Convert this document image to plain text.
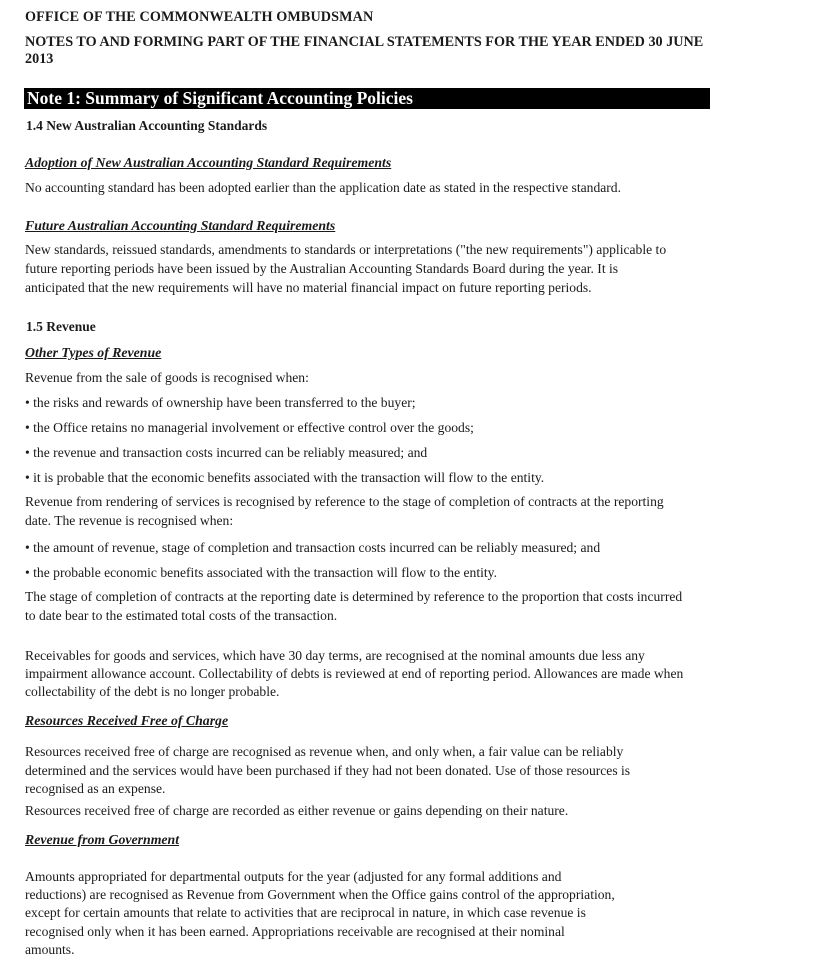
OFFICE OF THE COMMONWEALTH OMBUDSMAN
NOTES TO AND FORMING PART OF THE FINANCIAL STATEMENTS FOR THE YEAR ENDED 30 JUNE 2013
Note 1: Summary of Significant Accounting Policies
1.4 New Australian Accounting Standards
Adoption of New Australian Accounting Standard Requirements
No accounting standard has been adopted earlier than the application date as stated in the respective standard.
Future Australian Accounting Standard Requirements
New standards, reissued standards, amendments to standards or interpretations ("the new requirements") applicable to
future reporting periods have been issued by the Australian Accounting Standards Board during the year. It is
anticipated that the new requirements will have no material financial impact on future reporting periods.
1.5 Revenue
Other Types of Revenue
Revenue from the sale of goods is recognised when:
• the risks and rewards of ownership have been transferred to the buyer;
• the Office retains no managerial involvement or effective control over the goods;
• the revenue and transaction costs incurred can be reliably measured; and
• it is probable that the economic benefits associated with the transaction will flow to the entity.
Revenue from rendering of services is recognised by reference to the stage of completion of contracts at the reporting
date. The revenue is recognised when:
• the amount of revenue, stage of completion and transaction costs incurred can be reliably measured; and
• the probable economic benefits associated with the transaction will flow to the entity.
The stage of completion of contracts at the reporting date is determined by reference to the proportion that costs incurred
to date bear to the estimated total costs of the transaction.
Receivables for goods and services, which have 30 day terms, are recognised at the nominal amounts due less any
impairment allowance account. Collectability of debts is reviewed at end of reporting period. Allowances are made when
collectability of the debt is no longer probable.
Resources Received Free of Charge
Resources received free of charge are recognised as revenue when, and only when, a fair value can be reliably
determined and the services would have been purchased if they had not been donated. Use of those resources is
recognised as an expense.
Resources received free of charge are recorded as either revenue or gains depending on their nature.
Revenue from Government
Amounts appropriated for departmental outputs for the year (adjusted for any formal additions and
reductions) are recognised as Revenue from Government when the Office gains control of the appropriation,
except for certain amounts that relate to activities that are reciprocal in nature, in which case revenue is
recognised only when it has been earned. Appropriations receivable are recognised at their nominal
amounts.
